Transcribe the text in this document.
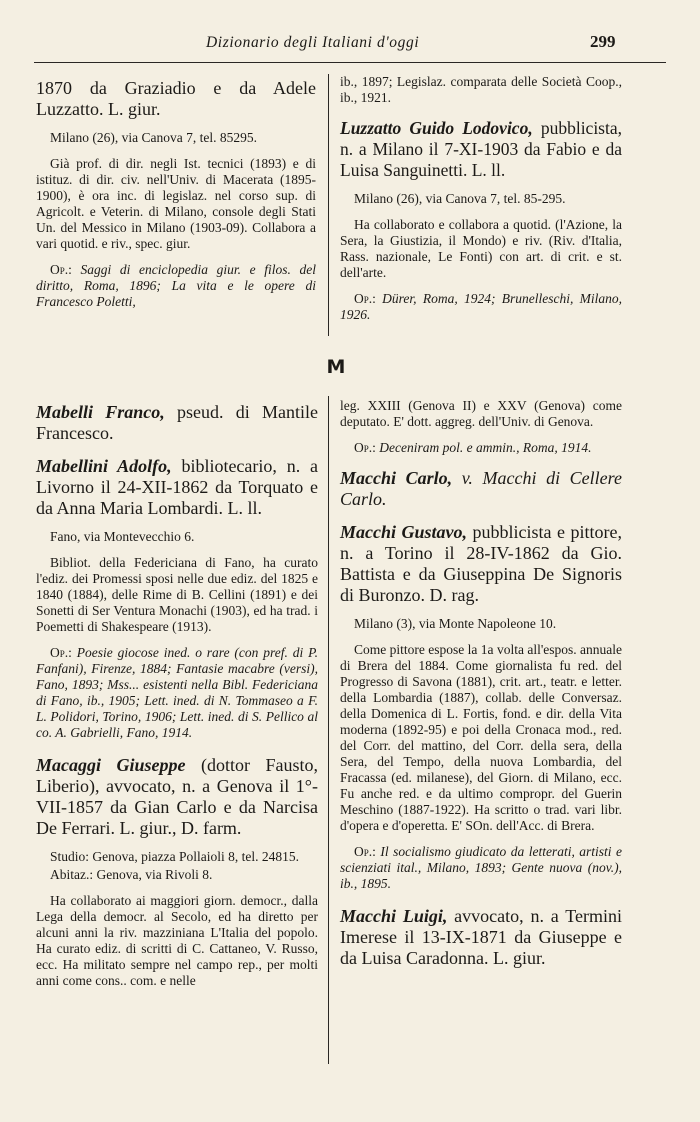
Dizionario degli Italiani d'oggi	299

1870 da Graziadio e da Adele Luzzatto. L. giur.

Milano (26), via Canova 7, tel. 85295.

Già prof. di dir. negli Ist. tecnici (1893) e di istituz. di dir. civ. nell'Univ. di Macerata (1895-1900), è ora inc. di legislaz. nel corso sup. di Agricolt. e Veterin. di Milano, console degli Stati Un. del Messico in Milano (1903-09). Collabora a vari quotid. e riv., spec. giur.

Op.: Saggi di enciclopedia giur. e filos. del diritto, Roma, 1896; La vita e le opere di Francesco Poletti,

ib., 1897; Legislaz. comparata delle Società Coop., ib., 1921.

Luzzatto Guido Lodovico, pubblicista, n. a Milano il 7-XI-1903 da Fabio e da Luisa Sanguinetti. L. ll.

Milano (26), via Canova 7, tel. 85-295.

Ha collaborato e collabora a quotid. (l'Azione, la Sera, la Giustizia, il Mondo) e riv. (Riv. d'Italia, Rass. nazionale, Le Fonti) con art. di crit. e st. dell'arte.

Op.: Dürer, Roma, 1924; Brunelleschi, Milano, 1926.

M

Mabelli Franco, pseud. di Mantile Francesco.

Mabellini Adolfo, bibliotecario, n. a Livorno il 24-XII-1862 da Torquato e da Anna Maria Lombardi. L. ll.

Fano, via Montevecchio 6.

Bibliot. della Federiciana di Fano, ha curato l'ediz. dei Promessi sposi nelle due ediz. del 1825 e 1840 (1884), delle Rime di B. Cellini (1891) e dei Sonetti di Ser Ventura Monachi (1903), ed ha trad. i Poemetti di Shakespeare (1913).

Op.: Poesie giocose ined. o rare (con pref. di P. Fanfani), Firenze, 1884; Fantasie macabre (versi), Fano, 1893; Mss... esistenti nella Bibl. Federiciana di Fano, ib., 1905; Lett. ined. di N. Tommaseo a F. L. Polidori, Torino, 1906; Lett. ined. di S. Pellico al co. A. Gabrielli, Fano, 1914.

Macaggi Giuseppe (dottor Fausto, Liberio), avvocato, n. a Genova il 1°-VII-1857 da Gian Carlo e da Narcisa De Ferrari. L. giur., D. farm.

Studio: Genova, piazza Pollaioli 8, tel. 24815.

Abitaz.: Genova, via Rivoli 8.

Ha collaborato ai maggiori giorn. democr., dalla Lega della democr. al Secolo, ed ha diretto per alcuni anni la riv. mazziniana L'Italia del popolo. Ha curato ediz. di scritti di C. Cattaneo, V. Russo, ecc. Ha militato sempre nel campo rep., per molti anni come cons.. com. e nelle

leg. XXIII (Genova II) e XXV (Genova) come deputato. E' dott. aggreg. dell'Univ. di Genova.

Op.: Deceniram pol. e ammin., Roma, 1914.

Macchi Carlo, v. Macchi di Cellere Carlo.

Macchi Gustavo, pubblicista e pittore, n. a Torino il 28-IV-1862 da Gio. Battista e da Giuseppina De Signoris di Buronzo. D. rag.

Milano (3), via Monte Napoleone 10.

Come pittore espose la 1a volta all'espos. annuale di Brera del 1884. Come giornalista fu red. del Progresso di Savona (1881), crit. art., teatr. e letter. della Lombardia (1887), collab. delle Conversaz. della Domenica di L. Fortis, fond. e dir. della Vita moderna (1892-95) e poi della Cronaca mod., red. del Corr. del mattino, del Corr. della sera, della Sera, del Tempo, della nuova Lombardia, del Fracassa (ed. milanese), del Giorn. di Milano, ecc. Fu anche red. e da ultimo compropr. del Guerin Meschino (1887-1922). Ha scritto o trad. vari libr. d'opera e d'operetta. E' SOn. dell'Acc. di Brera.

Op.: Il socialismo giudicato da letterati, artisti e scienziati ital., Milano, 1893; Gente nuova (nov.), ib., 1895.

Macchi Luigi, avvocato, n. a Termini Imerese il 13-IX-1871 da Giuseppe e da Luisa Caradonna. L. giur.
